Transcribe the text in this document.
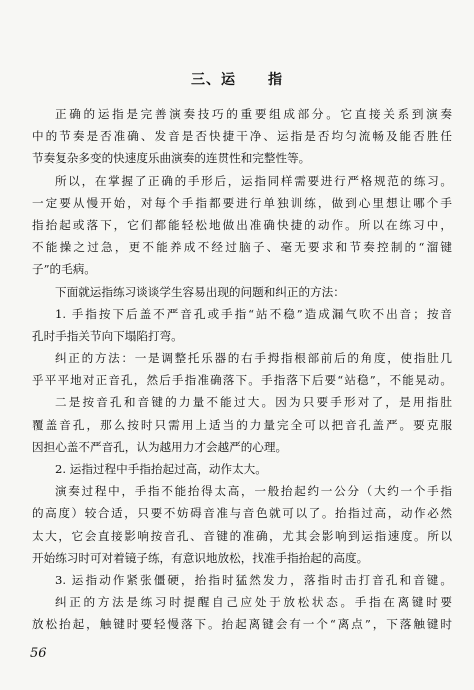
三、运 指

正确的运指是完善演奏技巧的重要组成部分。它直接关系到演奏

中的节奏是否准确、发音是否快捷干净、运指是否均匀流畅及能否胜任

节奏复杂多变的快速度乐曲演奏的连贯性和完整性等。

所以，在掌握了正确的手形后，运指同样需要进行严格规范的练习。

一定要从慢开始，对每个手指都要进行单独训练，做到心里想让哪个手

指抬起或落下，它们都能轻松地做出准确快捷的动作。所以在练习中，

不能操之过急，更不能养成不经过脑子、毫无要求和节奏控制的“溜键

子”的毛病。

下面就运指练习谈谈学生容易出现的问题和纠正的方法：

1. 手指按下后盖不严音孔或手指“站不稳”造成漏气吹不出音；按音

孔时手指关节向下塌陷打弯。

纠正的方法：一是调整托乐器的右手拇指根部前后的角度，使指肚几

乎平平地对正音孔，然后手指准确落下。手指落下后要“站稳”，不能晃动。

二是按音孔和音键的力量不能过大。因为只要手形对了，是用指肚

覆盖音孔，那么按时只需用上适当的力量完全可以把音孔盖严。要克服

因担心盖不严音孔，认为越用力才会越严的心理。

2. 运指过程中手指抬起过高，动作太大。

演奏过程中，手指不能抬得太高，一般抬起约一公分（大约一个手指

的高度）较合适，只要不妨碍音准与音色就可以了。抬指过高，动作必然

太大，它会直接影响按音孔、音键的准确，尤其会影响到运指速度。所以

开始练习时可对着镜子练，有意识地放松，找准手指抬起的高度。

3. 运指动作紧张僵硬，抬指时猛然发力，落指时击打音孔和音键。

纠正的方法是练习时提醒自己应处于放松状态。手指在离键时要

放松抬起，触键时要轻慢落下。抬起离键会有一个“离点”，下落触键时

56
